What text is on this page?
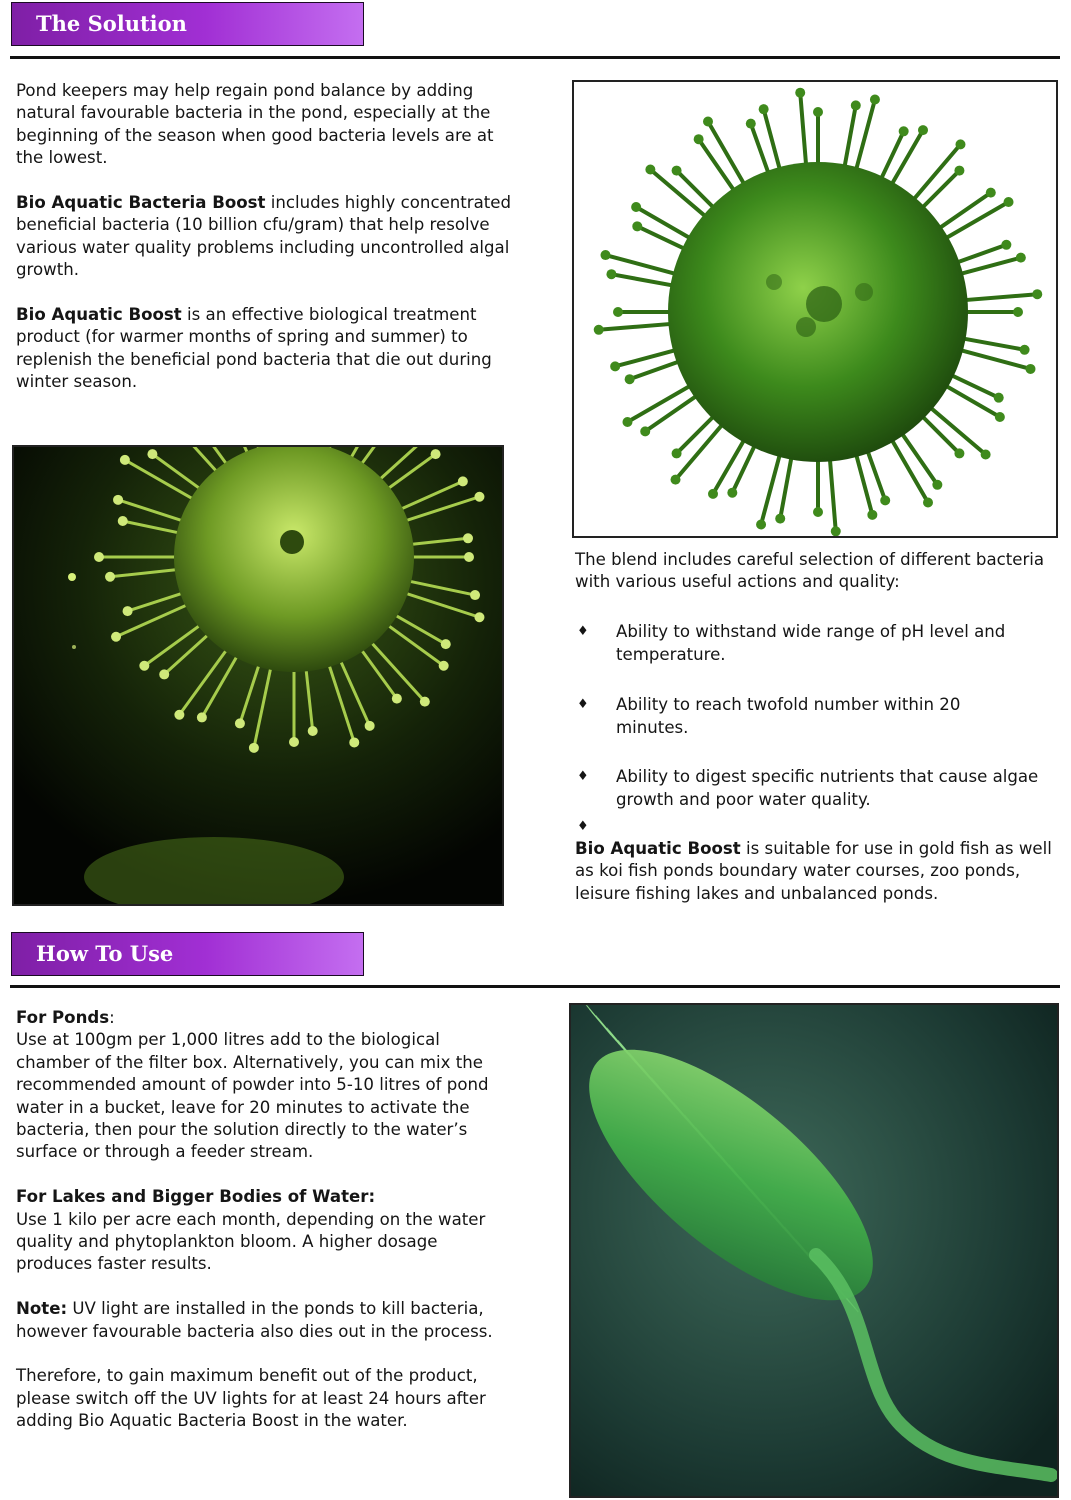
The Solution

Pond keepers may help regain pond balance by adding natural favourable bacteria in the pond, especially at the beginning of the season when good bacteria levels are at the lowest.

Bio Aquatic Bacteria Boost includes highly concentrated beneficial bacteria (10 billion cfu/gram) that help resolve various water quality problems including uncontrolled algal growth.

Bio Aquatic Boost is an effective biological treatment product (for warmer months of spring and summer) to replenish the beneficial pond bacteria that die out during winter season.

The blend includes careful selection of different bacteria with various useful actions and quality:
♦ Ability to withstand wide range of pH level and temperature.
♦ Ability to reach twofold number within 20 minutes.
♦ Ability to digest specific nutrients that cause algae growth and poor water quality.
♦
Bio Aquatic Boost is suitable for use in gold fish as well as koi fish ponds boundary water courses, zoo ponds, leisure fishing lakes and unbalanced ponds.
How To Use

For Ponds:
Use at 100gm per 1,000 litres add to the biological chamber of the filter box. Alternatively, you can mix the recommended amount of powder into 5-10 litres of pond water in a bucket, leave for 20 minutes to activate the bacteria, then pour the solution directly to the water’s surface or through a feeder stream.

For Lakes and Bigger Bodies of Water:
Use 1 kilo per acre each month, depending on the water quality and phytoplankton bloom. A higher dosage produces faster results.

Note: UV light are installed in the ponds to kill bacteria, however favourable bacteria also dies out in the process.

Therefore, to gain maximum benefit out of the product, please switch off the UV lights for at least 24 hours after adding Bio Aquatic Bacteria Boost in the water.
